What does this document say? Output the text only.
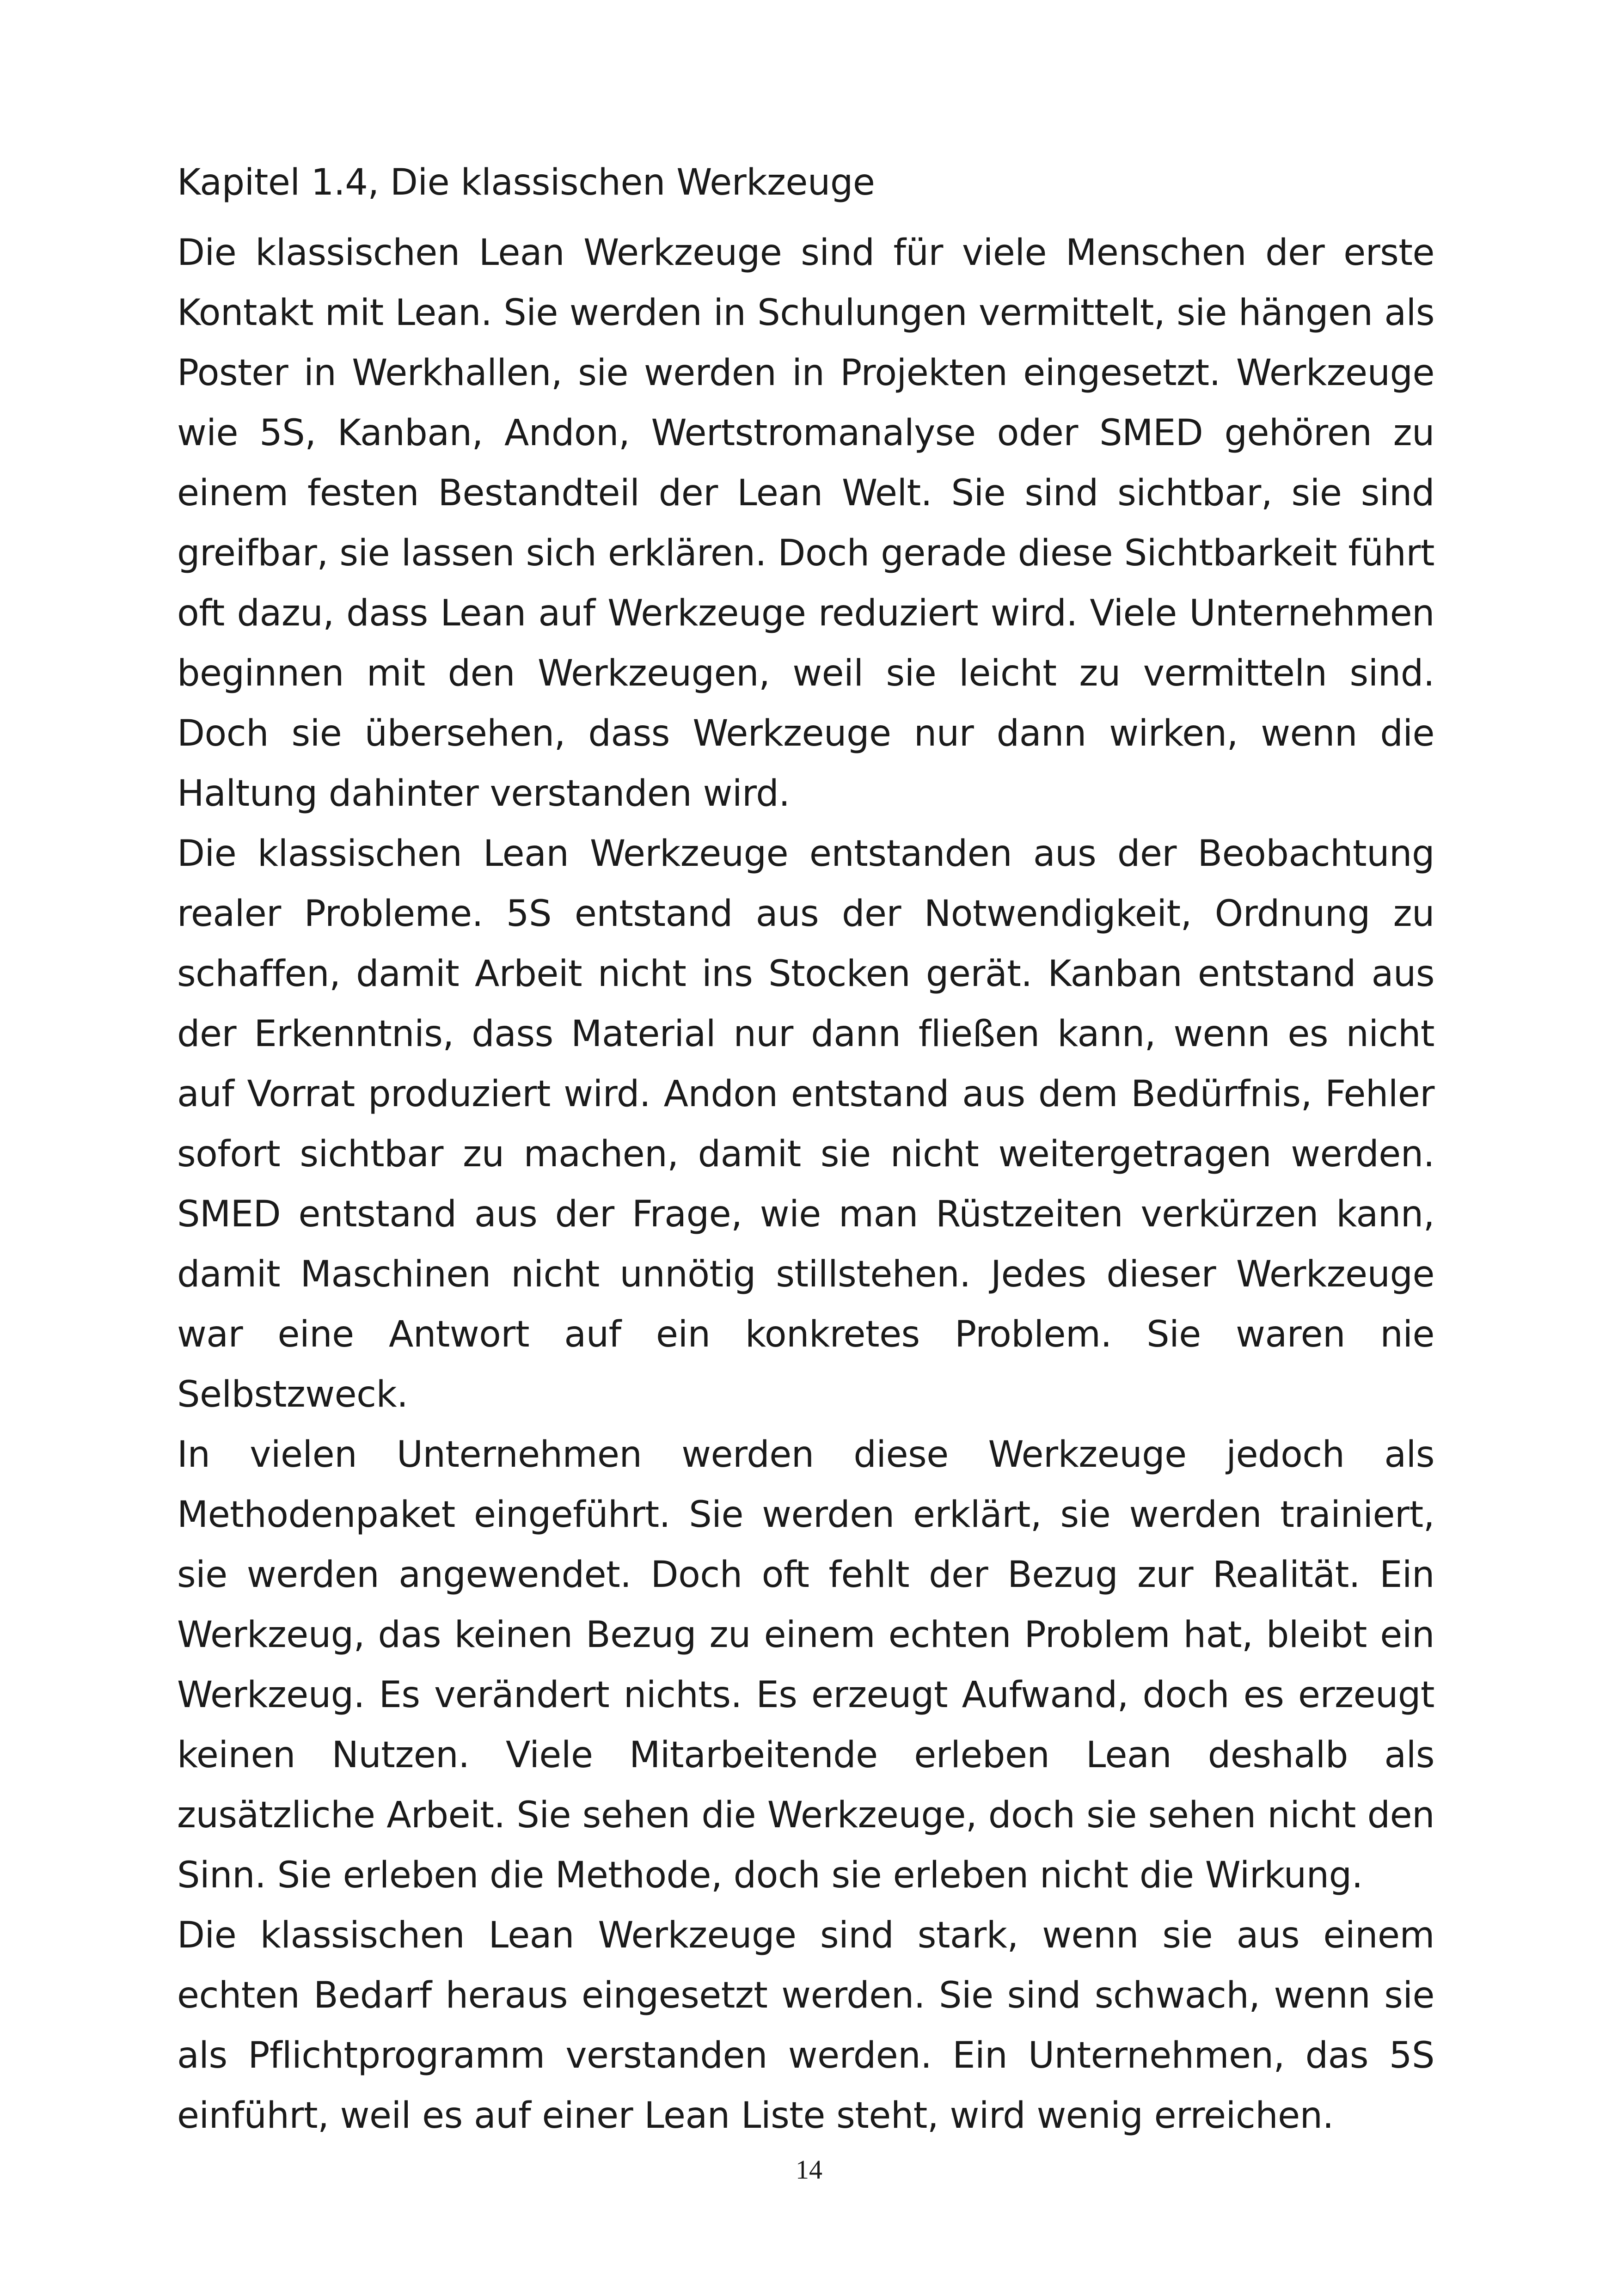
Kapitel 1.4, Die klassischen Werkzeuge

Die klassischen Lean Werkzeuge sind für viele Menschen der erste Kontakt mit Lean. Sie werden in Schulungen vermittelt, sie hängen als Poster in Werkhallen, sie werden in Projekten eingesetzt. Werkzeuge wie 5S, Kanban, Andon, Wertstromanalyse oder SMED gehören zu einem festen Bestandteil der Lean Welt. Sie sind sichtbar, sie sind greifbar, sie lassen sich erklären. Doch gerade diese Sichtbarkeit führt oft dazu, dass Lean auf Werkzeuge reduziert wird. Viele Unternehmen beginnen mit den Werkzeugen, weil sie leicht zu vermitteln sind. Doch sie übersehen, dass Werkzeuge nur dann wirken, wenn die Haltung dahinter verstanden wird.

Die klassischen Lean Werkzeuge entstanden aus der Beobachtung realer Probleme. 5S entstand aus der Notwendigkeit, Ordnung zu schaffen, damit Arbeit nicht ins Stocken gerät. Kanban entstand aus der Erkenntnis, dass Material nur dann fließen kann, wenn es nicht auf Vorrat produziert wird. Andon entstand aus dem Bedürfnis, Fehler sofort sichtbar zu machen, damit sie nicht weitergetragen werden. SMED entstand aus der Frage, wie man Rüstzeiten verkürzen kann, damit Maschinen nicht unnötig stillstehen. Jedes dieser Werkzeuge war eine Antwort auf ein konkretes Problem. Sie waren nie Selbstzweck.

In vielen Unternehmen werden diese Werkzeuge jedoch als Methodenpaket eingeführt. Sie werden erklärt, sie werden trainiert, sie werden angewendet. Doch oft fehlt der Bezug zur Realität. Ein Werkzeug, das keinen Bezug zu einem echten Problem hat, bleibt ein Werkzeug. Es verändert nichts. Es erzeugt Aufwand, doch es erzeugt keinen Nutzen. Viele Mitarbeitende erleben Lean deshalb als zusätzliche Arbeit. Sie sehen die Werkzeuge, doch sie sehen nicht den Sinn. Sie erleben die Methode, doch sie erleben nicht die Wirkung.

Die klassischen Lean Werkzeuge sind stark, wenn sie aus einem echten Bedarf heraus eingesetzt werden. Sie sind schwach, wenn sie als Pflichtprogramm verstanden werden. Ein Unternehmen, das 5S einführt, weil es auf einer Lean Liste steht, wird wenig erreichen.

14
